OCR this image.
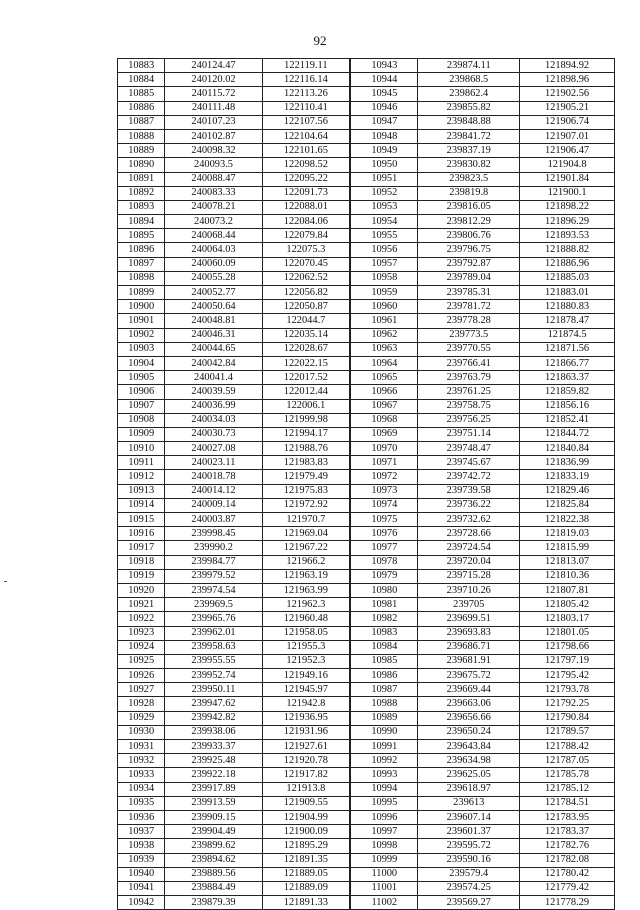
92
10883	240124.47	122119.11	10943	239874.11	121894.92
10884	240120.02	122116.14	10944	239868.5	121898.96
10885	240115.72	122113.26	10945	239862.4	121902.56
10886	240111.48	122110.41	10946	239855.82	121905.21
10887	240107.23	122107.56	10947	239848.88	121906.74
10888	240102.87	122104.64	10948	239841.72	121907.01
10889	240098.32	122101.65	10949	239837.19	121906.47
10890	240093.5	122098.52	10950	239830.82	121904.8
10891	240088.47	122095.22	10951	239823.5	121901.84
10892	240083.33	122091.73	10952	239819.8	121900.1
10893	240078.21	122088.01	10953	239816.05	121898.22
10894	240073.2	122084.06	10954	239812.29	121896.29
10895	240068.44	122079.84	10955	239806.76	121893.53
10896	240064.03	122075.3	10956	239796.75	121888.82
10897	240060.09	122070.45	10957	239792.87	121886.96
10898	240055.28	122062.52	10958	239789.04	121885.03
10899	240052.77	122056.82	10959	239785.31	121883.01
10900	240050.64	122050.87	10960	239781.72	121880.83
10901	240048.81	122044.7	10961	239778.28	121878.47
10902	240046.31	122035.14	10962	239773.5	121874.5
10903	240044.65	122028.67	10963	239770.55	121871.56
10904	240042.84	122022.15	10964	239766.41	121866.77
10905	240041.4	122017.52	10965	239763.79	121863.37
10906	240039.59	122012.44	10966	239761.25	121859.82
10907	240036.99	122006.1	10967	239758.75	121856.16
10908	240034.03	121999.98	10968	239756.25	121852.41
10909	240030.73	121994.17	10969	239751.14	121844.72
10910	240027.08	121988.76	10970	239748.47	121840.84
10911	240023.11	121983.83	10971	239745.67	121836.99
10912	240018.78	121979.49	10972	239742.72	121833.19
10913	240014.12	121975.83	10973	239739.58	121829.46
10914	240009.14	121972.92	10974	239736.22	121825.84
10915	240003.87	121970.7	10975	239732.62	121822.38
10916	239998.45	121969.04	10976	239728.66	121819.03
10917	239990.2	121967.22	10977	239724.54	121815.99
10918	239984.77	121966.2	10978	239720.04	121813.07
10919	239979.52	121963.19	10979	239715.28	121810.36
10920	239974.54	121963.99	10980	239710.26	121807.81
10921	239969.5	121962.3	10981	239705	121805.42
10922	239965.76	121960.48	10982	239699.51	121803.17
10923	239962.01	121958.05	10983	239693.83	121801.05
10924	239958.63	121955.3	10984	239686.71	121798.66
10925	239955.55	121952.3	10985	239681.91	121797.19
10926	239952.74	121949.16	10986	239675.72	121795.42
10927	239950.11	121945.97	10987	239669.44	121793.78
10928	239947.62	121942.8	10988	239663.06	121792.25
10929	239942.82	121936.95	10989	239656.66	121790.84
10930	239938.06	121931.96	10990	239650.24	121789.57
10931	239933.37	121927.61	10991	239643.84	121788.42
10932	239925.48	121920.78	10992	239634.98	121787.05
10933	239922.18	121917.82	10993	239625.05	121785.78
10934	239917.89	121913.8	10994	239618.97	121785.12
10935	239913.59	121909.55	10995	239613	121784.51
10936	239909.15	121904.99	10996	239607.14	121783.95
10937	239904.49	121900.09	10997	239601.37	121783.37
10938	239899.62	121895.29	10998	239595.72	121782.76
10939	239894.62	121891.35	10999	239590.16	121782.08
10940	239889.56	121889.05	11000	239579.4	121780.42
10941	239884.49	121889.09	11001	239574.25	121779.42
10942	239879.39	121891.33	11002	239569.27	121778.29
